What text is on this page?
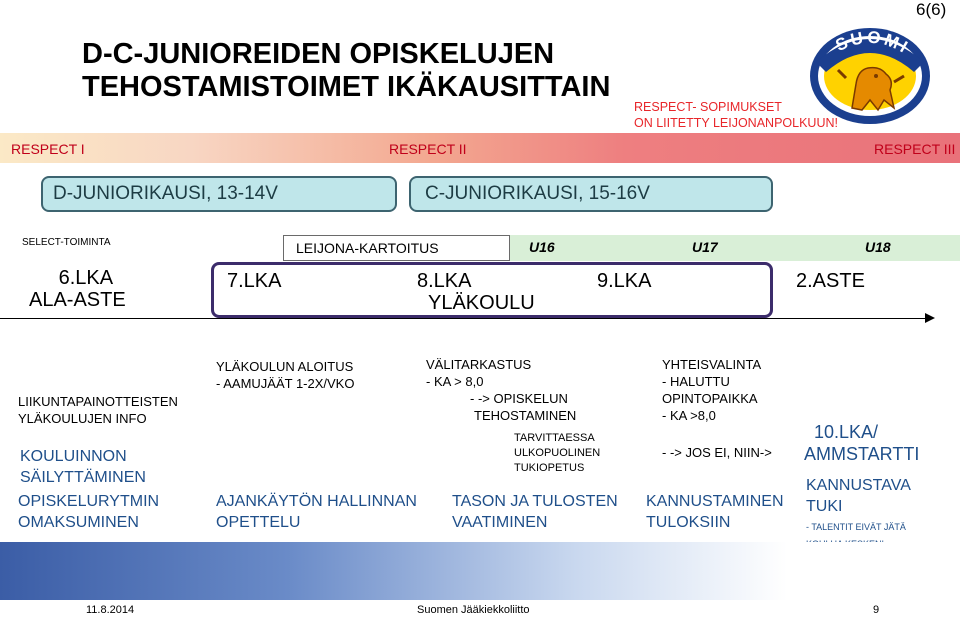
6(6)
D-C-JUNIOREIDEN OPISKELUJEN
TEHOSTAMISTOIMET IKÄKAUSITTAIN
RESPECT- SOPIMUKSET
ON LIITETTY LEIJONANPOLKUUN!
SUOMI
RESPECT I	RESPECT II	RESPECT III
D-JUNIORIKAUSI, 13-14V	C-JUNIORIKAUSI, 15-16V
SELECT-TOIMINTA	LEIJONA-KARTOITUS	U16	U17	U18
6.LKA
ALA-ASTE
7.LKA	8.LKA	9.LKA
YLÄKOULU
2.ASTE
LIIKUNTAPAINOTTEISTEN
YLÄKOULUJEN INFO
KOULUINNON
SÄILYTTÄMINEN
OPISKELURYTMIN
OMAKSUMINEN
YLÄKOULUN ALOITUS
- AAMUJÄÄT 1-2X/VKO
AJANKÄYTÖN HALLINNAN
OPETTELU
VÄLITARKASTUS
- KA > 8,0
- -> OPISKELUN
TEHOSTAMINEN
TARVITTAESSA
ULKOPUOLINEN
TUKIOPETUS
TASON JA TULOSTEN
VAATIMINEN
YHTEISVALINTA
- HALUTTU
OPINTOPAIKKA
- KA >8,0
- -> JOS EI, NIIN->
KANNUSTAMINEN
TULOKSIIN
10.LKA/
AMMSTARTTI
KANNUSTAVA
TUKI
- TALENTIT EIVÄT JÄTÄ
11.8.2014	Suomen Jääkiekkoliitto	9
